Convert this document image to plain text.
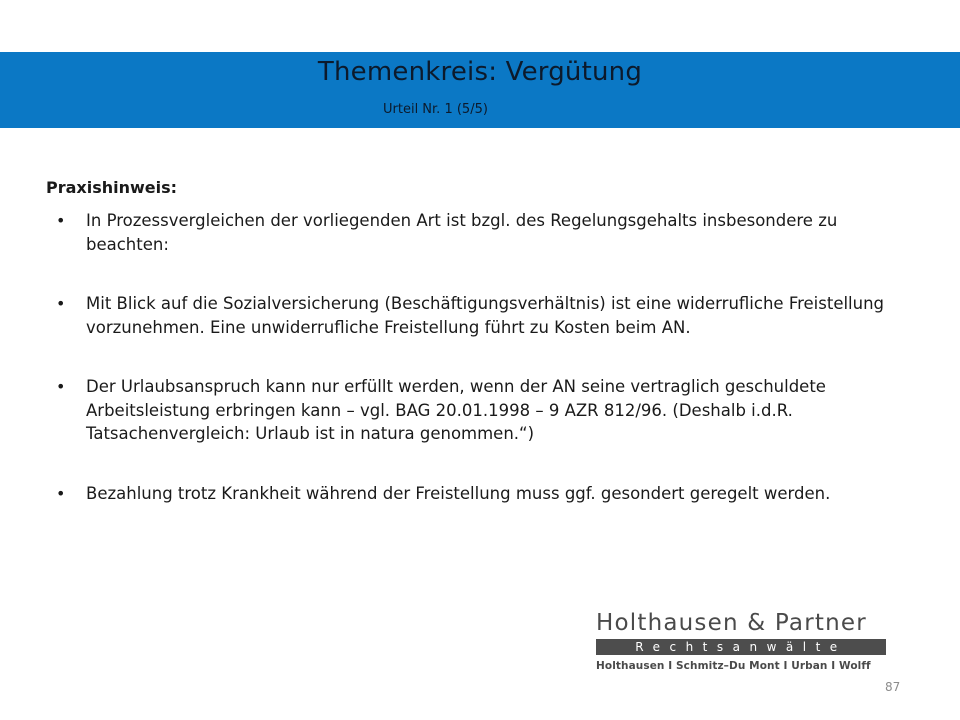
Themenkreis: Vergütung
Urteil Nr. 1 (5/5)
Praxishinweis:
• In Prozessvergleichen der vorliegenden Art ist bzgl. des Regelungsgehalts insbesondere zu beachten:
• Mit Blick auf die Sozialversicherung (Beschäftigungsverhältnis) ist eine widerrufliche Freistellung vorzunehmen. Eine unwiderrufliche Freistellung führt zu Kosten beim AN.
• Der Urlaubsanspruch kann nur erfüllt werden, wenn der AN seine vertraglich geschuldete Arbeitsleistung erbringen kann – vgl. BAG 20.01.1998 – 9 AZR 812/96. (Deshalb i.d.R. Tatsachenvergleich: Urlaub ist in natura genommen.“)
• Bezahlung trotz Krankheit während der Freistellung muss ggf. gesondert geregelt werden.
Holthausen & Partner
Rechtsanwälte
Holthausen I Schmitz–Du Mont I Urban I Wolff
87
